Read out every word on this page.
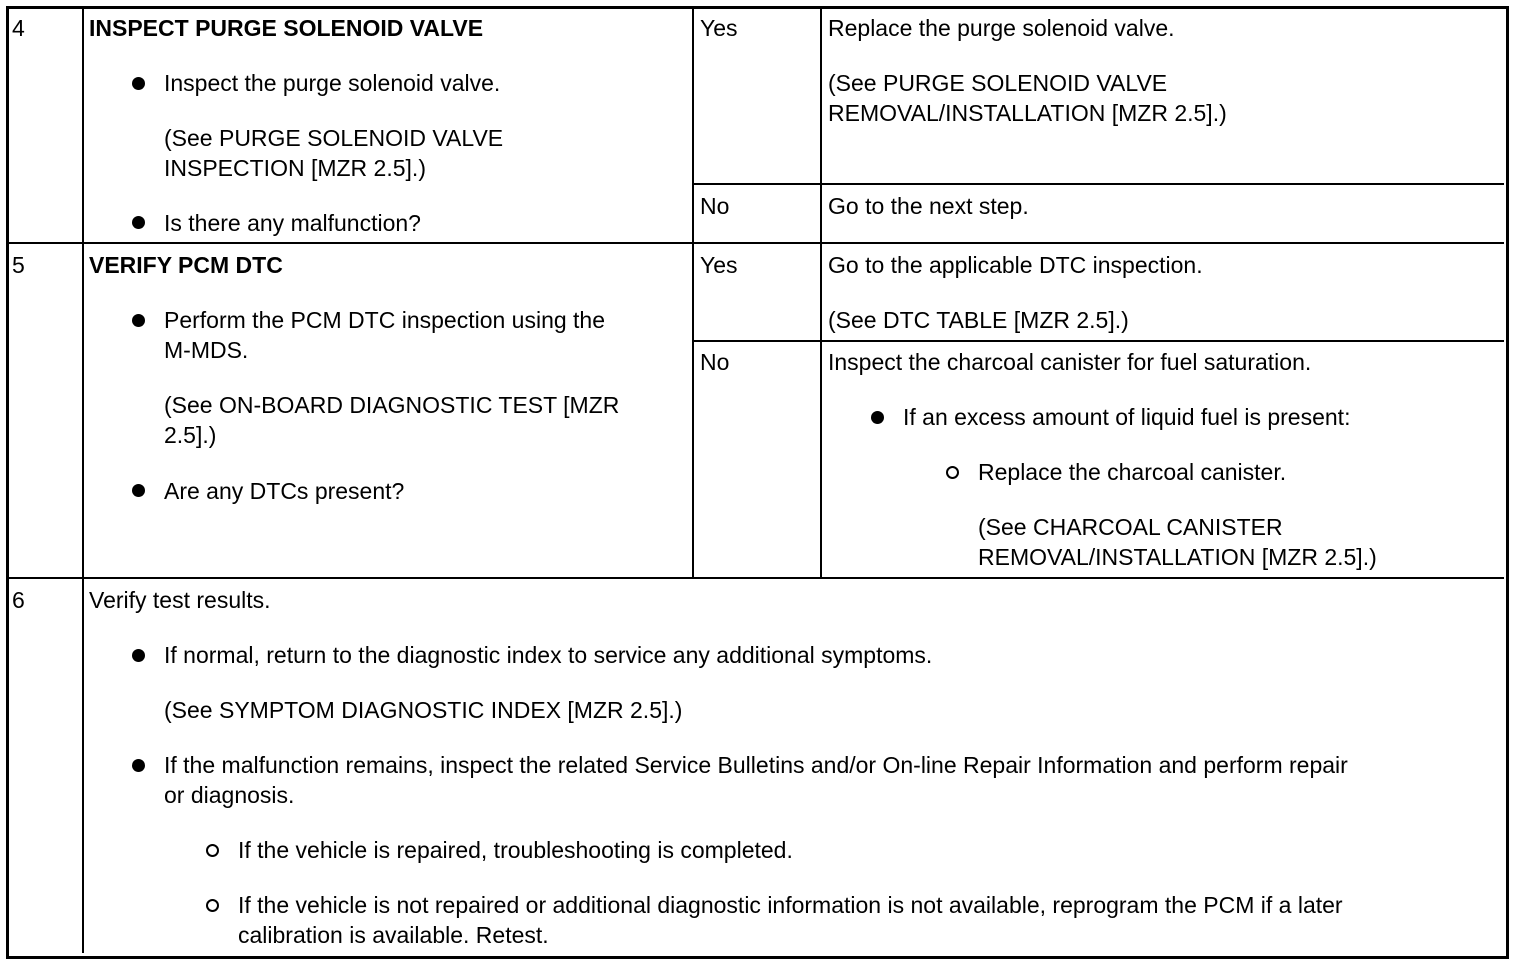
4	INSPECT PURGE SOLENOID VALVE
Inspect the purge solenoid valve.
(See PURGE SOLENOID VALVE
INSPECTION [MZR 2.5].)
Is there any malfunction?
Yes	Replace the purge solenoid valve.
(See PURGE SOLENOID VALVE
REMOVAL/INSTALLATION [MZR 2.5].)
No	Go to the next step.
5	VERIFY PCM DTC
Perform the PCM DTC inspection using the
M-MDS.
(See ON-BOARD DIAGNOSTIC TEST [MZR
2.5].)
Are any DTCs present?
Yes	Go to the applicable DTC inspection.
(See DTC TABLE [MZR 2.5].)
No	Inspect the charcoal canister for fuel saturation.
If an excess amount of liquid fuel is present:
Replace the charcoal canister.
(See CHARCOAL CANISTER
REMOVAL/INSTALLATION [MZR 2.5].)
6	Verify test results.
If normal, return to the diagnostic index to service any additional symptoms.
(See SYMPTOM DIAGNOSTIC INDEX [MZR 2.5].)
If the malfunction remains, inspect the related Service Bulletins and/or On-line Repair Information and perform repair
or diagnosis.
If the vehicle is repaired, troubleshooting is completed.
If the vehicle is not repaired or additional diagnostic information is not available, reprogram the PCM if a later
calibration is available. Retest.
